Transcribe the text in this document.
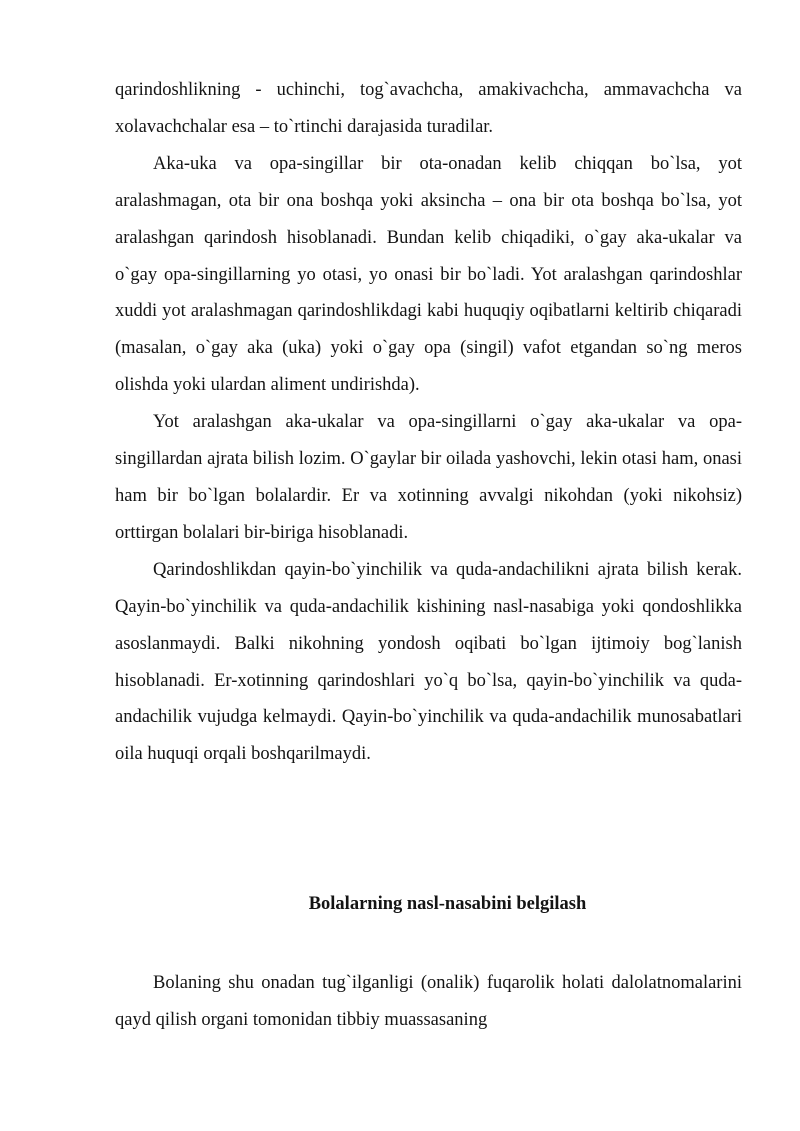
qarindoshlikning - uchinchi, tog`avachcha, amakivachcha, ammavachcha va xolavachchalar esa – to`rtinchi darajasida turadilar.

Aka-uka va opa-singillar bir ota-onadan kelib chiqqan bo`lsa, yot aralashmagan, ota bir ona boshqa yoki aksincha – ona bir ota boshqa bo`lsa, yot aralashgan qarindosh hisoblanadi. Bundan kelib chiqadiki, o`gay aka-ukalar va o`gay opa-singillarning yo otasi, yo onasi bir bo`ladi. Yot aralashgan qarindoshlar xuddi yot aralashmagan qarindoshlikdagi kabi huquqiy oqibatlarni keltirib chiqaradi (masalan, o`gay aka (uka) yoki o`gay opa (singil) vafot etgandan so`ng meros olishda yoki ulardan aliment undirishda).

Yot aralashgan aka-ukalar va opa-singillarni o`gay aka-ukalar va opa-singillardan ajrata bilish lozim. O`gaylar bir oilada yashovchi, lekin otasi ham, onasi ham bir bo`lgan bolalardir. Er va xotinning avvalgi nikohdan (yoki nikohsiz) orttirgan bolalari bir-biriga hisoblanadi.

Qarindoshlikdan qayin-bo`yinchilik va quda-andachilikni ajrata bilish kerak. Qayin-bo`yinchilik va quda-andachilik kishining nasl-nasabiga yoki qondoshlikka asoslanmaydi. Balki nikohning yondosh oqibati bo`lgan ijtimoiy bog`lanish hisoblanadi. Er-xotinning qarindoshlari yo`q bo`lsa, qayin-bo`yinchilik va quda-andachilik vujudga kelmaydi. Qayin-bo`yinchilik va quda-andachilik munosabatlari oila huquqi orqali boshqarilmaydi.

Bolalarning nasl-nasabini belgilash

Bolaning shu onadan tug`ilganligi (onalik) fuqarolik holati dalolatnomalarini qayd qilish organi tomonidan tibbiy muassasaning
